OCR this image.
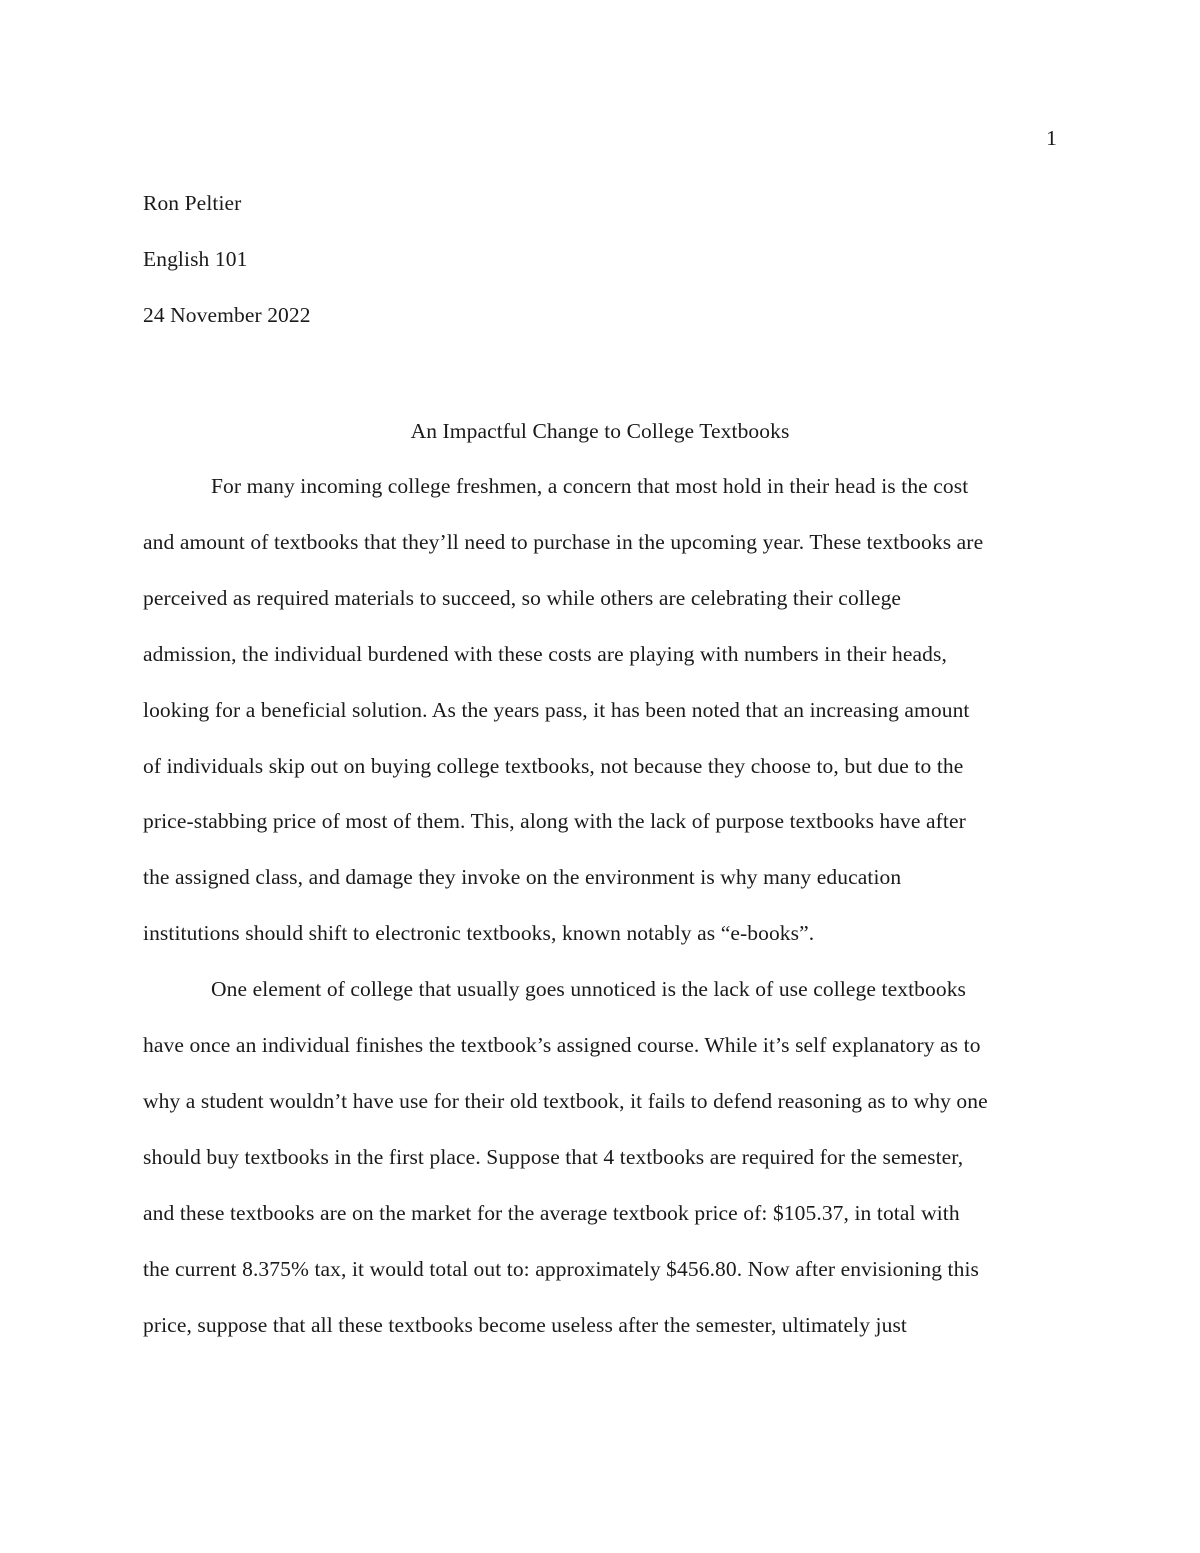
1
Ron Peltier
English 101
24 November 2022
An Impactful Change to College Textbooks
For many incoming college freshmen, a concern that most hold in their head is the cost
and amount of textbooks that they’ll need to purchase in the upcoming year. These textbooks are
perceived as required materials to succeed, so while others are celebrating their college
admission, the individual burdened with these costs are playing with numbers in their heads,
looking for a beneficial solution. As the years pass, it has been noted that an increasing amount
of individuals skip out on buying college textbooks, not because they choose to, but due to the
price-stabbing price of most of them. This, along with the lack of purpose textbooks have after
the assigned class, and damage they invoke on the environment is why many education
institutions should shift to electronic textbooks, known notably as “e-books”.
One element of college that usually goes unnoticed is the lack of use college textbooks
have once an individual finishes the textbook’s assigned course. While it’s self explanatory as to
why a student wouldn’t have use for their old textbook, it fails to defend reasoning as to why one
should buy textbooks in the first place. Suppose that 4 textbooks are required for the semester,
and these textbooks are on the market for the average textbook price of: $105.37, in total with
the current 8.375% tax, it would total out to: approximately $456.80. Now after envisioning this
price, suppose that all these textbooks become useless after the semester, ultimately just
